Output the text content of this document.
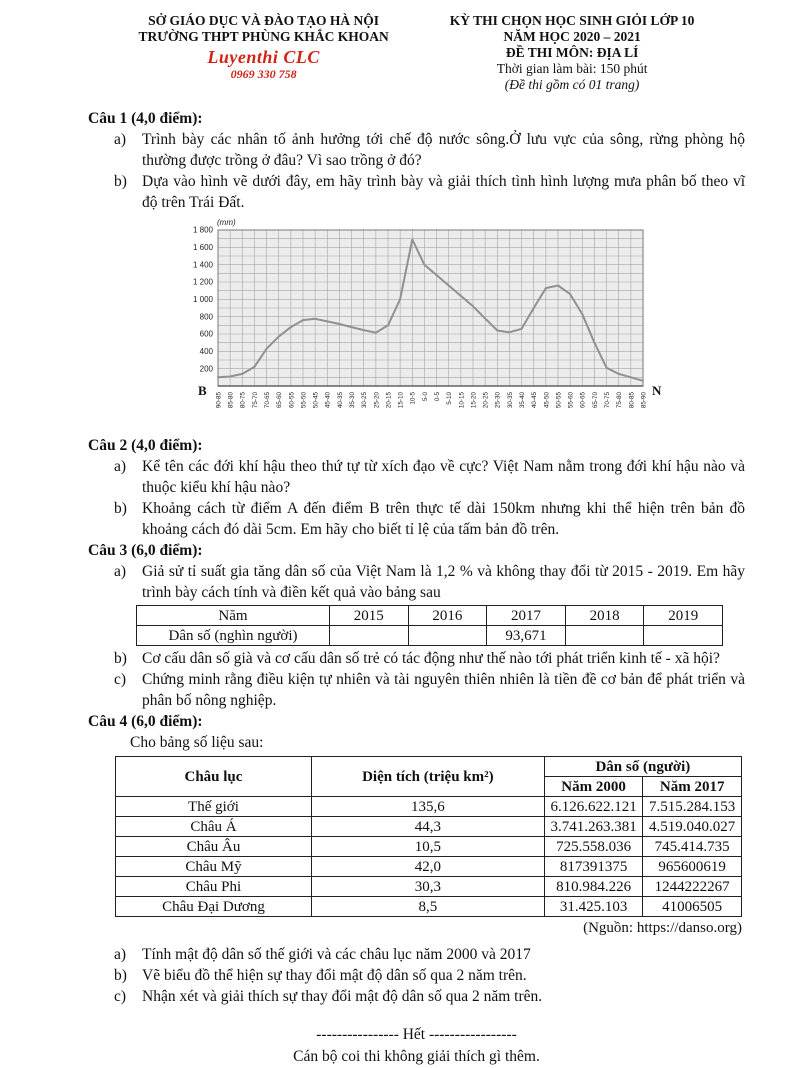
SỞ GIÁO DỤC VÀ ĐÀO TẠO HÀ NỘI
TRƯỜNG THPT PHÙNG KHẮC KHOAN
Luyenthi CLC
0969 330 758
KỲ THI CHỌN HỌC SINH GIỎI LỚP 10
NĂM HỌC 2020 – 2021
ĐỀ THI MÔN: ĐỊA LÍ
Thời gian làm bài: 150 phút
(Đề thi gồm có 01 trang)
Câu 1 (4,0 điểm):
a)	Trình bày các nhân tố ảnh hưởng tới chế độ nước sông.Ở lưu vực của sông, rừng phòng hộ thường được trồng ở đâu? Vì sao trồng ở đó?
b) Dựa vào hình vẽ dưới đây, em hãy trình bày và giải thích tình hình lượng mưa phân bố theo vĩ độ trên Trái Đất.
200
400
600
800
1 000
1 200
1 400
1 600
1 800
(mm)
90-85 85-80 80-75 75-70 70-65 65-60 60-55 55-50 50-45 45-40 40-35 35-30 30-25 25-20 20-15 15-10 10-5 5-0 0-5 5-10 10-15 15-20 20-25 25-30 30-35 35-40 40-45 45-50 50-55 55-60 60-65 65-70 70-75 75-80 80-85 85-90
B	N
Câu 2 (4,0 điểm):
a)	Kể tên các đới khí hậu theo thứ tự từ xích đạo về cực? Việt Nam nằm trong đới khí hậu nào và thuộc kiểu khí hậu nào?
b) Khoảng cách từ điểm A đến điểm B trên thực tế dài 150km nhưng khi thể hiện trên bản đồ khoảng cách đó dài 5cm. Em hãy cho biết tỉ lệ của tấm bản đồ trên.
Câu 3 (6,0 điểm):
a)	Giả sử tỉ suất gia tăng dân số của Việt Nam là 1,2 % và không thay đổi từ 2015 - 2019. Em hãy trình bày cách tính và điền kết quả vào bảng sau
Năm	2015	2016	2017	2018	2019
Dân số (nghìn người)			93,671		
b) Cơ cấu dân số già và cơ cấu dân số trẻ có tác động như thế nào tới phát triển kinh tế - xã hội?
c)	Chứng minh rằng điều kiện tự nhiên và tài nguyên thiên nhiên là tiền đề cơ bản để phát triển và phân bố nông nghiệp.
Câu 4 (6,0 điểm):
Cho bảng số liệu sau:
Châu lục	Diện tích (triệu km²)	Dân số (người)	
		Năm 2000	Năm 2017
Thế giới	135,6	6.126.622.121	7.515.284.153
Châu Á	44,3	3.741.263.381	4.519.040.027
Châu Âu	10,5	725.558.036	745.414.735
Châu Mỹ	42,0	817391375	965600619
Châu Phi	30,3	810.984.226	1244222267
Châu Đại Dương	8,5	31.425.103	41006505
(Nguồn: https://danso.org)
a)	Tính mật độ dân số thế giới và các châu lục năm 2000 và 2017
b) Vẽ biểu đồ thể hiện sự thay đổi mật độ dân số qua 2 năm trên.
c)	Nhận xét và giải thích sự thay đổi mật độ dân số qua 2 năm trên.
---------------- Hết -----------------
Cán bộ coi thi không giải thích gì thêm.
